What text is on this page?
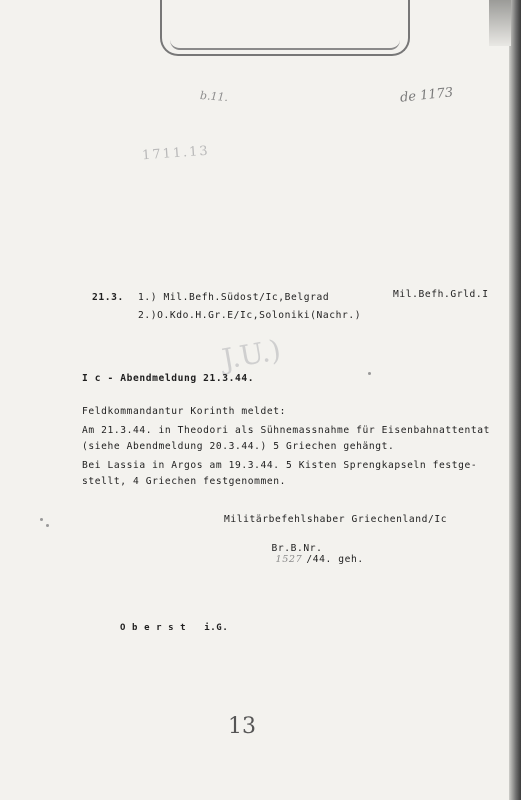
b.11.	de 1173
1711.13
J.U.)
21.3. 1.) Mil.Befh.Südost/Ic,Belgrad
2.)O.Kdo.H.Gr.E/Ic,Soloniki(Nachr.)
Mil.Befh.Grld.I
I c - Abendmeldung 21.3.44.
Feldkommandantur Korinth meldet:
Am 21.3.44. in Theodori als Sühnemassnahme für Eisenbahnattentat
(siehe Abendmeldung 20.3.44.) 5 Griechen gehängt.
Bei Lassia in Argos am 19.3.44. 5 Kisten Sprengkapseln festge-
stellt, 4 Griechen festgenommen.
Militärbefehlshaber Griechenland/Ic

Br.B.Nr.
1527 /44. geh.

O b e r s t   i.G.
13
